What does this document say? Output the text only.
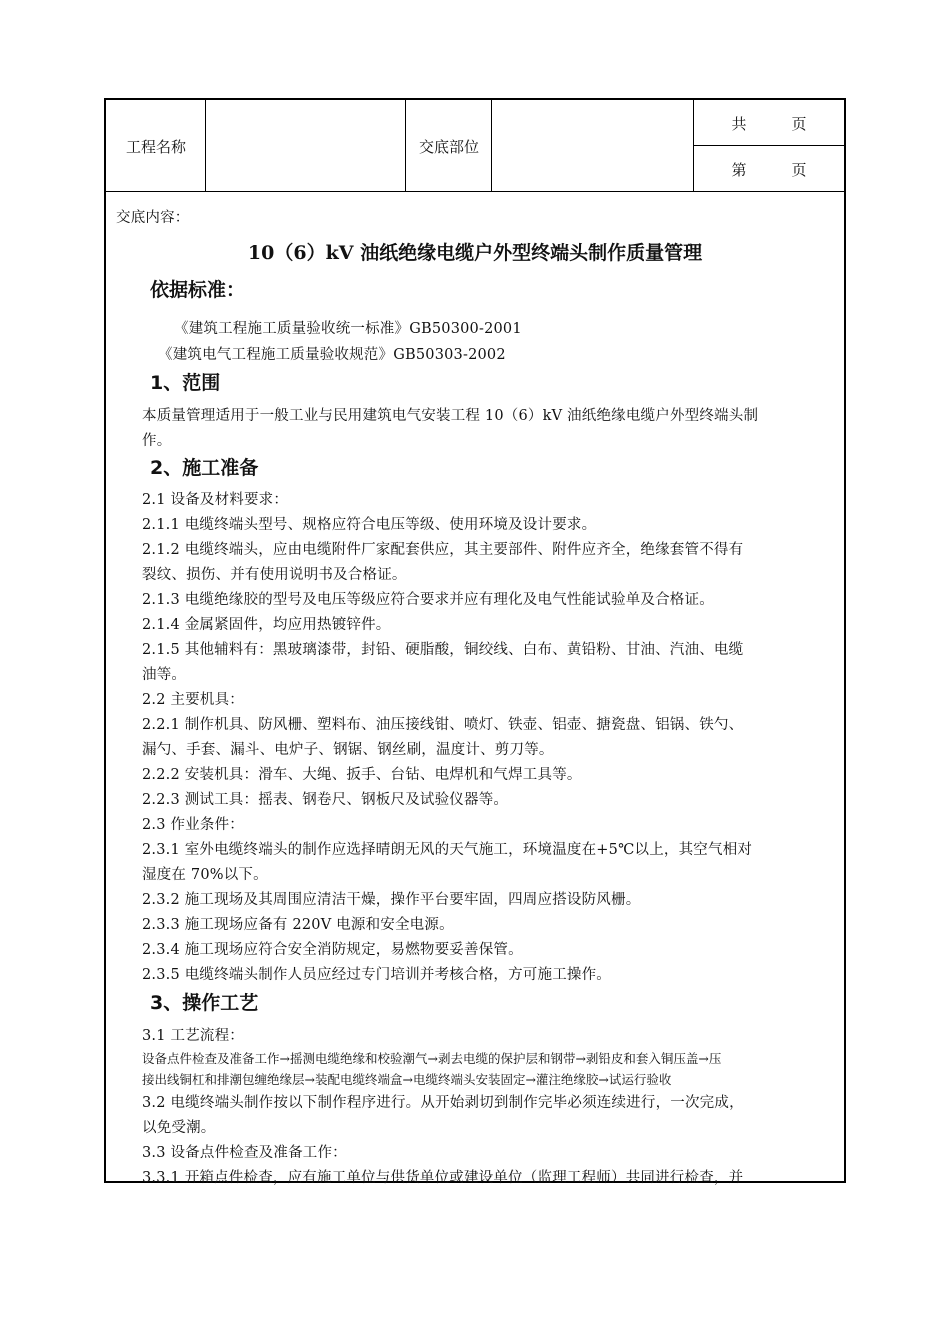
工程名称	交底部位
共　　　页
第　　　页
交底内容：
10（6）kV 油纸绝缘电缆户外型终端头制作质量管理
依据标准：
《建筑工程施工质量验收统一标准》GB50300-2001
《建筑电气工程施工质量验收规范》GB50303-2002
1、范围
本质量管理适用于一般工业与民用建筑电气安装工程 10（6）kV 油纸绝缘电缆户外型终端头制
作。
2、施工准备
2.1 设备及材料要求：
2.1.1 电缆终端头型号、规格应符合电压等级、使用环境及设计要求。
2.1.2 电缆终端头，应由电缆附件厂家配套供应，其主要部件、附件应齐全，绝缘套管不得有
裂纹、损伤、并有使用说明书及合格证。
2.1.3 电缆绝缘胶的型号及电压等级应符合要求并应有理化及电气性能试验单及合格证。
2.1.4 金属紧固件，均应用热镀锌件。
2.1.5 其他辅料有：黑玻璃漆带，封铅、硬脂酸，铜绞线、白布、黄铅粉、甘油、汽油、电缆
油等。
2.2 主要机具：
2.2.1 制作机具、防风栅、塑料布、油压接线钳、喷灯、铁壶、铝壶、搪瓷盘、铝锅、铁勺、
漏勺、手套、漏斗、电炉子、钢锯、钢丝刷，温度计、剪刀等。
2.2.2 安装机具：滑车、大绳、扳手、台钻、电焊机和气焊工具等。
2.2.3 测试工具：摇表、钢卷尺、钢板尺及试验仪器等。
2.3 作业条件：
2.3.1 室外电缆终端头的制作应选择晴朗无风的天气施工，环境温度在+5℃以上，其空气相对
湿度在 70%以下。
2.3.2 施工现场及其周围应清洁干燥，操作平台要牢固，四周应搭设防风栅。
2.3.3 施工现场应备有 220V 电源和安全电源。
2.3.4 施工现场应符合安全消防规定，易燃物要妥善保管。
2.3.5 电缆终端头制作人员应经过专门培训并考核合格，方可施工操作。
3、操作工艺
3.1 工艺流程：
设备点件检查及准备工作→摇测电缆绝缘和校验潮气→剥去电缆的保护层和钢带→剥铅皮和套入铜压盖→压
接出线铜杠和排潮包缠绝缘层→装配电缆终端盒→电缆终端头安装固定→灌注绝缘胶→试运行验收
3.2 电缆终端头制作按以下制作程序进行。从开始剥切到制作完毕必须连续进行，一次完成，
以免受潮。
3.3 设备点件检查及准备工作：
3.3.1 开箱点件检查，应有施工单位与供货单位或建设单位（监理工程师）共同进行检查，并
